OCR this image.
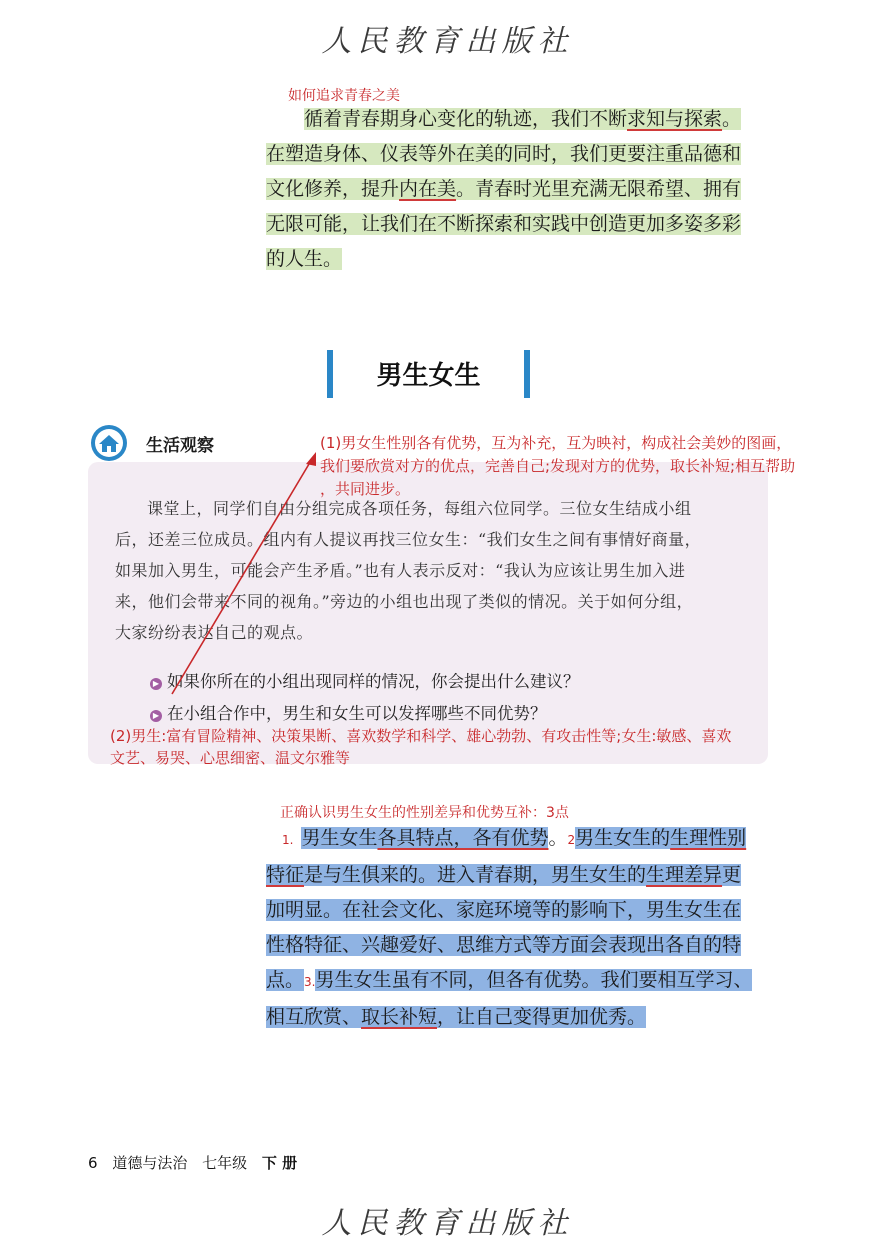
人民教育出版社
如何追求青春之美
循着青春期身心变化的轨迹，我们不断求知与探索。
在塑造身体、仪表等外在美的同时，我们更要注重品德和
文化修养，提升内在美。青春时光里充满无限希望、拥有
无限可能，让我们在不断探索和实践中创造更加多姿多彩
的人生。
男生女生
生活观察	(1)男女生性别各有优势，互为补充，互为映衬，构成社会美妙的图画，
我们要欣赏对方的优点，完善自己;发现对方的优势，取长补短;相互帮助
，共同进步。
课堂上，同学们自由分组完成各项任务，每组六位同学。三位女生结成小组
后，还差三位成员。组内有人提议再找三位女生：“我们女生之间有事情好商量，
如果加入男生，可能会产生矛盾。”也有人表示反对：“我认为应该让男生加入进
来，他们会带来不同的视角。”旁边的小组也出现了类似的情况。关于如何分组，
大家纷纷表达自己的观点。
▶ 如果你所在的小组出现同样的情况，你会提出什么建议？
▶ 在小组合作中，男生和女生可以发挥哪些不同优势？
(2)男生:富有冒险精神、决策果断、喜欢数学和科学、雄心勃勃、有攻击性等;女生:敏感、喜欢
文艺、易哭、心思细密、温文尔雅等
正确认识男生女生的性别差异和优势互补：3点
1. 男生女生各具特点，各有优势。2男生女生的生理性别
特征是与生俱来的。进入青春期，男生女生的生理差异更
加明显。在社会文化、家庭环境等的影响下，男生女生在
性格特征、兴趣爱好、思维方式等方面会表现出各自的特
点。3.男生女生虽有不同，但各有优势。我们要相互学习、
相互欣赏、取长补短，让自己变得更加优秀。
6 道德与法治 七年级 下 册
人民教育出版社
